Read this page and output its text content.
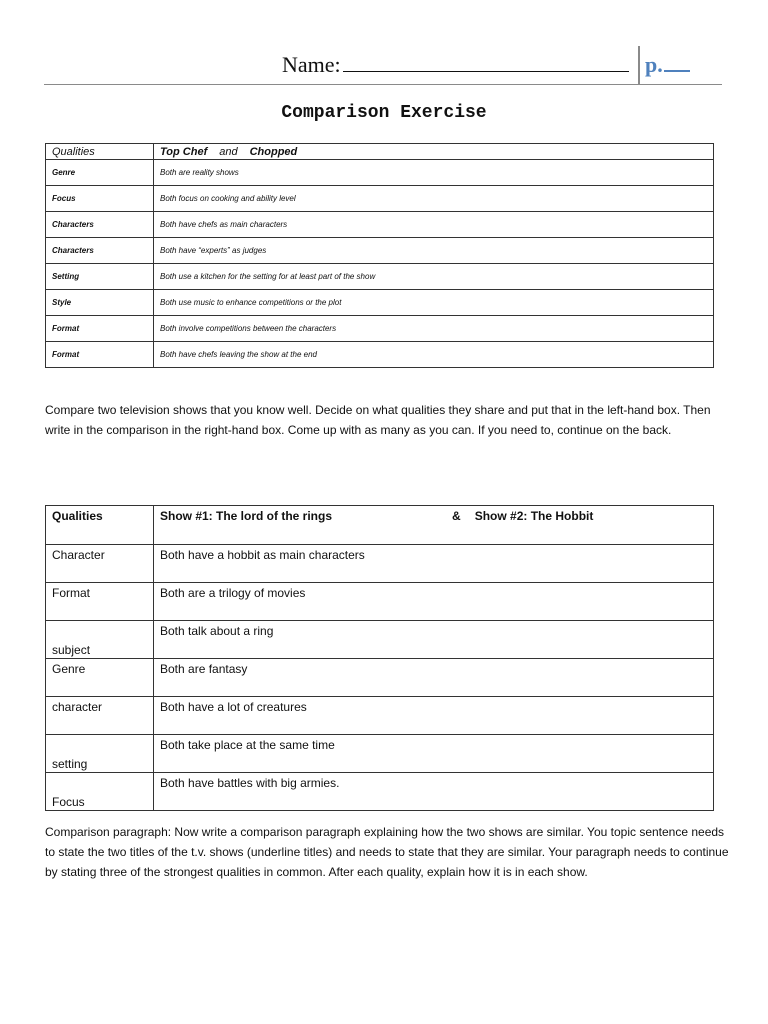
Name:	p.
Comparison Exercise
Qualities	Top Chef and Chopped
Genre	Both are reality shows
Focus	Both focus on cooking and ability level
Characters	Both have chefs as main characters
Characters	Both have “experts” as judges
Setting	Both use a kitchen for the setting for at least part of the show
Style	Both use music to enhance competitions or the plot
Format	Both involve competitions between the characters
Format	Both have chefs leaving the show at the end
Compare two television shows that you know well. Decide on what qualities they share and put that in the left-hand box. Then write in the comparison in the right-hand box. Come up with as many as you can. If you need to, continue on the back.
Qualities	Show #1: The lord of the rings & Show #2: The Hobbit
Character	Both have a hobbit as main characters
Format	Both are a trilogy of movies
subject	Both talk about a ring
Genre	Both are fantasy
character	Both have a lot of creatures
setting	Both take place at the same time
Focus	Both have battles with big armies.
Comparison paragraph: Now write a comparison paragraph explaining how the two shows are similar. You topic sentence needs to state the two titles of the t.v. shows (underline titles) and needs to state that they are similar. Your paragraph needs to continue by stating three of the strongest qualities in common. After each quality, explain how it is in each show.
